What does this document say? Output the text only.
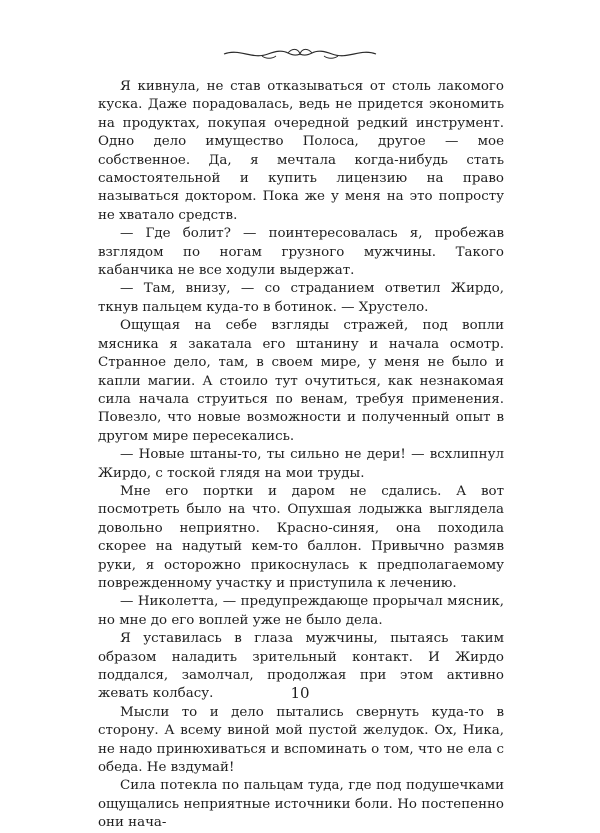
Я кивнула, не став отказываться от столь лакомого куска. Даже порадовалась, ведь не придется экономить на продуктах, покупая очередной редкий инструмент. Одно дело имущество Полоса, другое — мое собственное. Да, я мечтала когда-нибудь стать самостоятельной и купить лицензию на право называться доктором. Пока же у меня на это попросту не хватало средств.

— Где болит? — поинтересовалась я, пробежав взглядом по ногам грузного мужчины. Такого кабанчика не все ходули выдержат.

— Там, внизу, — со страданием ответил Жирдо, ткнув пальцем куда-то в ботинок. — Хрустело.

Ощущая на себе взгляды стражей, под вопли мясника я закатала его штанину и начала осмотр. Странное дело, там, в своем мире, у меня не было и капли магии. А стоило тут очутиться, как незнакомая сила начала струиться по венам, требуя применения. Повезло, что новые возможности и полученный опыт в другом мире пересекались.

— Новые штаны-то, ты сильно не дери! — всхлипнул Жирдо, с тоской глядя на мои труды.

Мне его портки и даром не сдались. А вот посмотреть было на что. Опухшая лодыжка выглядела довольно неприятно. Красно-синяя, она походила скорее на надутый кем-то баллон. Привычно размяв руки, я осторожно прикоснулась к предполагаемому поврежденному участку и приступила к лечению.

— Николетта, — предупреждающе прорычал мясник, но мне до его воплей уже не было дела.

Я уставилась в глаза мужчины, пытаясь таким образом наладить зрительный контакт. И Жирдо поддался, замолчал, продолжая при этом активно жевать колбасу.

Мысли то и дело пытались свернуть куда-то в сторону. А всему виной мой пустой желудок. Ох, Ника, не надо принюхиваться и вспоминать о том, что не ела с обеда. Не вздумай!

Сила потекла по пальцам туда, где под подушечками ощущались неприятные источники боли. Но постепенно они нача-

10
